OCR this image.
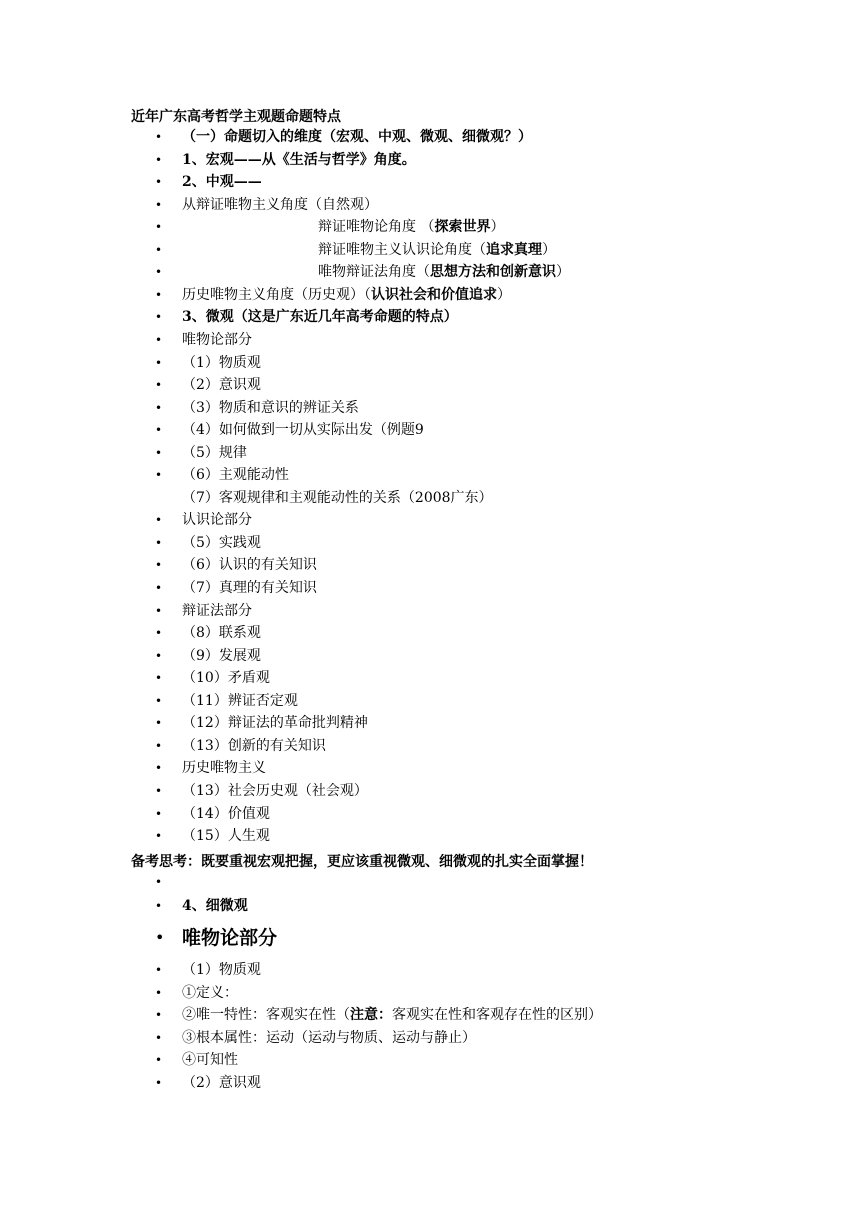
近年广东高考哲学主观题命题特点
• （一）命题切入的维度（宏观、中观、微观、细微观？）
• 1、宏观——从《生活与哲学》角度。
• 2、中观——
• 从辩证唯物主义角度（自然观）
•	辩证唯物论角度 （探索世界）
•	辩证唯物主义认识论角度（追求真理）
•	唯物辩证法角度（思想方法和创新意识）
• 历史唯物主义角度（历史观）（认识社会和价值追求）
• 3、微观（这是广东近几年高考命题的特点）
• 唯物论部分
• （1）物质观
• （2）意识观
• （3）物质和意识的辨证关系
• （4）如何做到一切从实际出发（例题9
• （5）规律
• （6）主观能动性
（7）客观规律和主观能动性的关系（2008广东）
• 认识论部分
• （5）实践观
• （6）认识的有关知识
• （7）真理的有关知识
• 辩证法部分
• （8）联系观
• （9）发展观
• （10）矛盾观
• （11）辨证否定观
• （12）辩证法的革命批判精神
• （13）创新的有关知识
• 历史唯物主义
• （13）社会历史观（社会观）
• （14）价值观
• （15）人生观
备考思考：既要重视宏观把握，更应该重视微观、细微观的扎实全面掌握！
•
• 4、细微观
• 唯物论部分
• （1）物质观
• ①定义：
• ②唯一特性：客观实在性（注意：客观实在性和客观存在性的区别）
• ③根本属性：运动（运动与物质、运动与静止）
• ④可知性
• （2）意识观
